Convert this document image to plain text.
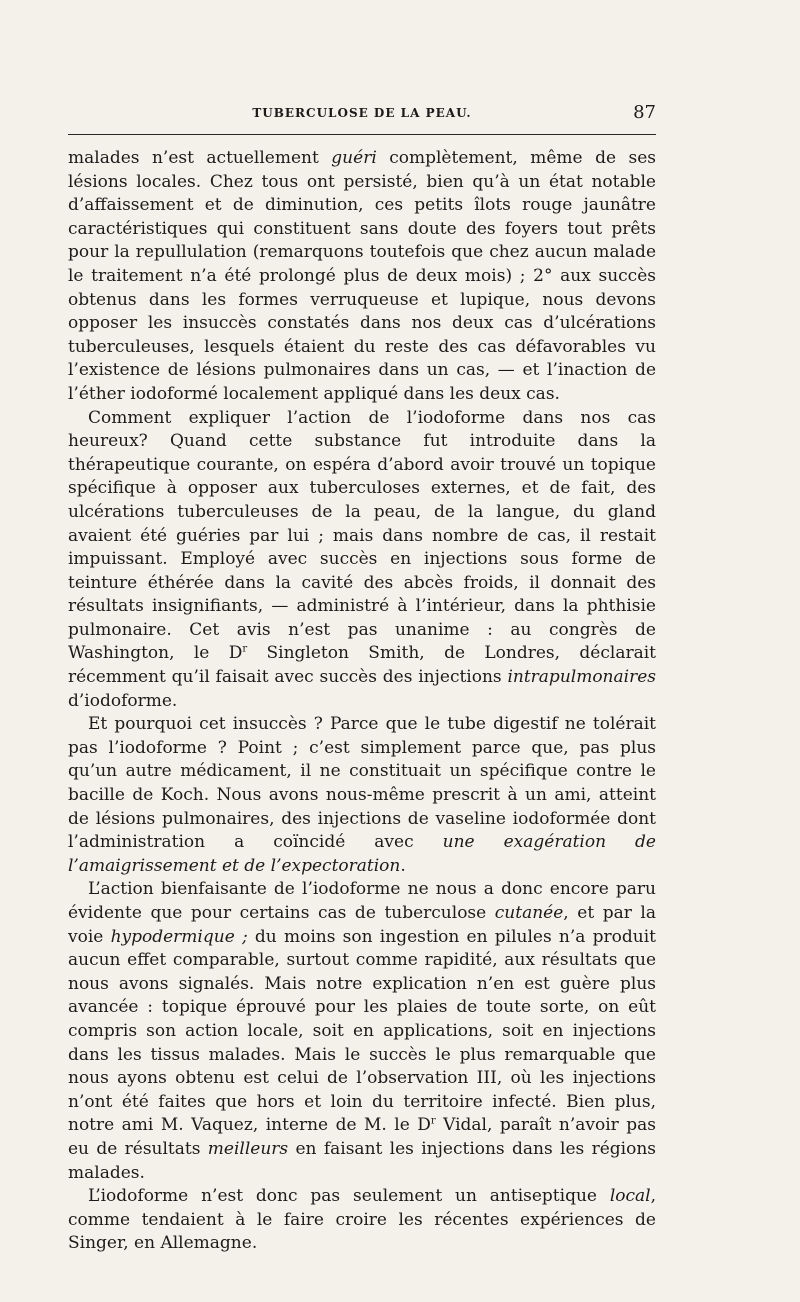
TUBERCULOSE DE LA PEAU.	87

malades n’est actuellement guéri complètement, même de ses lésions locales. Chez tous ont persisté, bien qu’à un état notable d’affaissement et de diminution, ces petits îlots rouge jaunâtre caractéristiques qui constituent sans doute des foyers tout prêts pour la repullulation (remarquons toutefois que chez aucun malade le traitement n’a été prolongé plus de deux mois) ; 2° aux succès obtenus dans les formes verruqueuse et lupique, nous devons opposer les insuccès constatés dans nos deux cas d’ulcérations tuberculeuses, lesquels étaient du reste des cas défavorables vu l’existence de lésions pulmonaires dans un cas, — et l’inaction de l’éther iodoformé localement appliqué dans les deux cas.

Comment expliquer l’action de l’iodoforme dans nos cas heureux? Quand cette substance fut introduite dans la thérapeutique courante, on espéra d’abord avoir trouvé un topique spécifique à opposer aux tuberculoses externes, et de fait, des ulcérations tuberculeuses de la peau, de la langue, du gland avaient été guéries par lui ; mais dans nombre de cas, il restait impuissant. Employé avec succès en injections sous forme de teinture éthérée dans la cavité des abcès froids, il donnait des résultats insignifiants, — administré à l’intérieur, dans la phthisie pulmonaire. Cet avis n’est pas unanime : au congrès de Washington, le $D^r$ Singleton Smith, de Londres, déclarait récemment qu’il faisait avec succès des injections intrapulmonaires d’iodoforme.

Et pourquoi cet insuccès ? Parce que le tube digestif ne tolérait pas l’iodoforme ? Point ; c’est simplement parce que, pas plus qu’un autre médicament, il ne constituait un spécifique contre le bacille de Koch. Nous avons nous-même prescrit à un ami, atteint de lésions pulmonaires, des injections de vaseline iodoformée dont l’administration a coïncidé avec une exagération de l’amaigrissement et de l’expectoration.

L’action bienfaisante de l’iodoforme ne nous a donc encore paru évidente que pour certains cas de tuberculose cutanée, et par la voie hypodermique ; du moins son ingestion en pilules n’a produit aucun effet comparable, surtout comme rapidité, aux résultats que nous avons signalés. Mais notre explication n’en est guère plus avancée : topique éprouvé pour les plaies de toute sorte, on eût compris son action locale, soit en applications, soit en injections dans les tissus malades. Mais le succès le plus remarquable que nous ayons obtenu est celui de l’observation III, où les injections n’ont été faites que hors et loin du territoire infecté. Bien plus, notre ami M. Vaquez, interne de M. le $D^r$ Vidal, paraît n’avoir pas eu de résultats meilleurs en faisant les injections dans les régions malades.

L’iodoforme n’est donc pas seulement un antiseptique local, comme tendaient à le faire croire les récentes expériences de Singer, en Allemagne.
